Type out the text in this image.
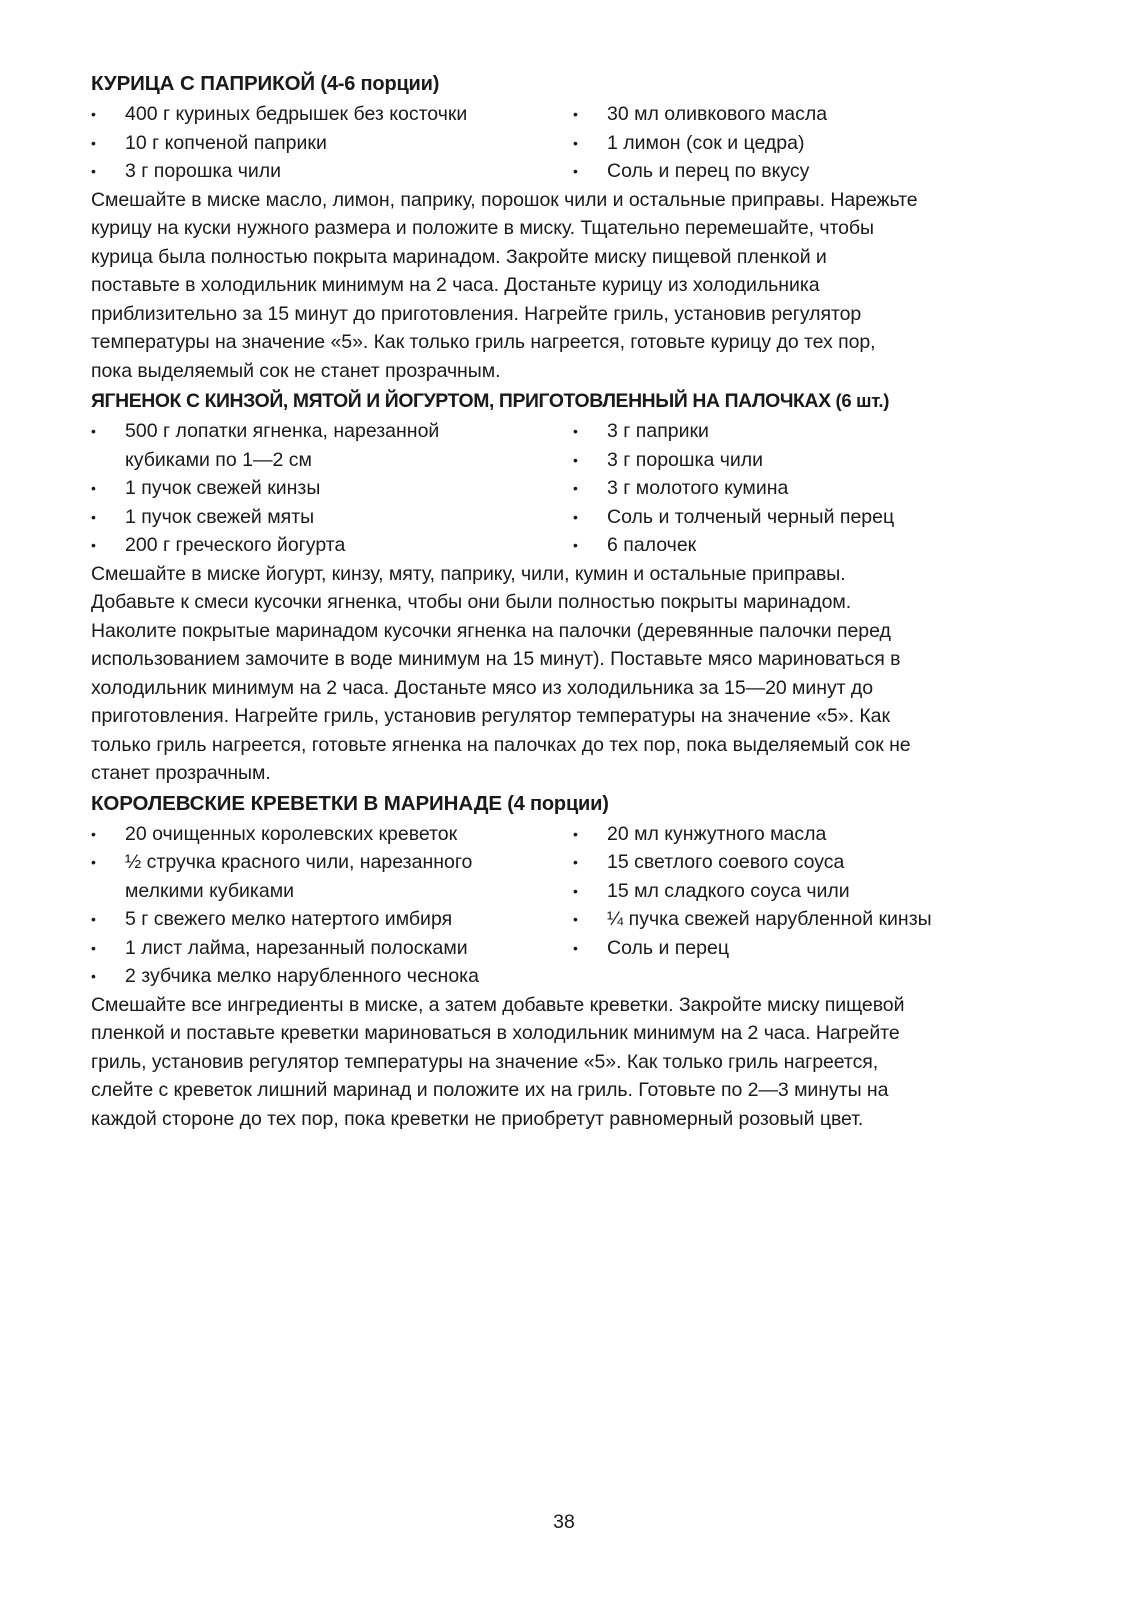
КУРИЦА С ПАПРИКОЙ (4-6 порции)
• 400 г куриных бедрышек без косточки
• 10 г копченой паприки
• 3 г порошка чили
• 30 мл оливкового масла
• 1 лимон (сок и цедра)
• Соль и перец по вкусу

Смешайте в миске масло, лимон, паприку, порошок чили и остальные приправы. Нарежьте
курицу на куски нужного размера и положите в миску. Тщательно перемешайте, чтобы
курица была полностью покрыта маринадом. Закройте миску пищевой пленкой и
поставьте в холодильник минимум на 2 часа. Достаньте курицу из холодильника
приблизительно за 15 минут до приготовления. Нагрейте гриль, установив регулятор
температуры на значение «5». Как только гриль нагреется, готовьте курицу до тех пор,
пока выделяемый сок не станет прозрачным.

ЯГНЕНОК С КИНЗОЙ, МЯТОЙ И ЙОГУРТОМ, ПРИГОТОВЛЕННЫЙ НА ПАЛОЧКАХ (6 шт.)
• 500 г лопатки ягненка, нарезанной кубиками по 1—2 см
• 1 пучок свежей кинзы
• 1 пучок свежей мяты
• 200 г греческого йогурта
• 3 г паприки
• 3 г порошка чили
• 3 г молотого кумина
• Соль и толченый черный перец
• 6 палочек

Смешайте в миске йогурт, кинзу, мяту, паприку, чили, кумин и остальные приправы.
Добавьте к смеси кусочки ягненка, чтобы они были полностью покрыты маринадом.
Наколите покрытые маринадом кусочки ягненка на палочки (деревянные палочки перед
использованием замочите в воде минимум на 15 минут). Поставьте мясо мариноваться в
холодильник минимум на 2 часа. Достаньте мясо из холодильника за 15—20 минут до
приготовления. Нагрейте гриль, установив регулятор температуры на значение «5». Как
только гриль нагреется, готовьте ягненка на палочках до тех пор, пока выделяемый сок не
станет прозрачным.

КОРОЛЕВСКИЕ КРЕВЕТКИ В МАРИНАДЕ (4 порции)
• 20 очищенных королевских креветок
• ½ стручка красного чили, нарезанного мелкими кубиками
• 5 г свежего мелко натертого имбиря
• 1 лист лайма, нарезанный полосками
• 2 зубчика мелко нарубленного чеснока
• 20 мл кунжутного масла
• 15 светлого соевого соуса
• 15 мл сладкого соуса чили
• ¼ пучка свежей нарубленной кинзы
• Соль и перец

Смешайте все ингредиенты в миске, а затем добавьте креветки. Закройте миску пищевой
пленкой и поставьте креветки мариноваться в холодильник минимум на 2 часа. Нагрейте
гриль, установив регулятор температуры на значение «5». Как только гриль нагреется,
слейте с креветок лишний маринад и положите их на гриль. Готовьте по 2—3 минуты на
каждой стороне до тех пор, пока креветки не приобретут равномерный розовый цвет.

38
